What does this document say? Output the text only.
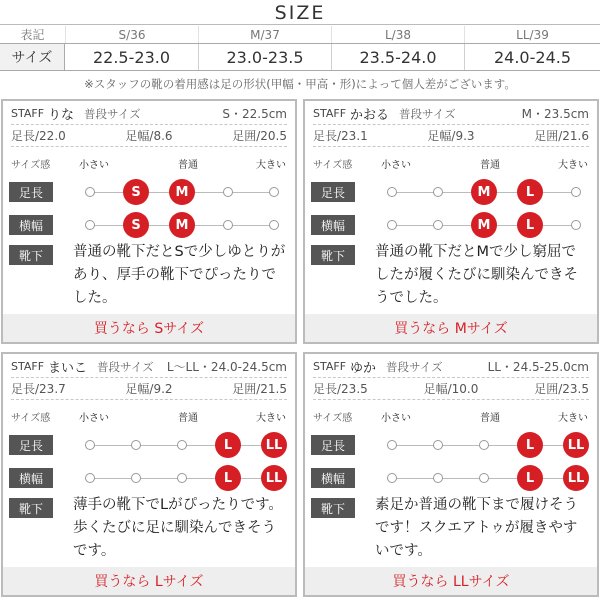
SIZE
表記	S/36	M/37	L/38	LL/39
サイズ	22.5-23.0	23.0-23.5	23.5-24.0	24.0-24.5
※スタッフの靴の着用感は足の形状(甲幅・甲高・形)によって個人差がございます。
STAFF りな 普段サイズ	S・22.5cm
足長/22.0	足幅/8.6	足囲/20.5
サイズ感	小さい	普通	大きい
足長	S	M
横幅	S	M
靴下	普通の靴下だとSで少しゆとりがあり、厚手の靴下でぴったりでした。
買うなら Sサイズ
STAFF かおる 普段サイズ	M・23.5cm
足長/23.1	足幅/9.3	足囲/21.6
サイズ感	小さい	普通	大きい
足長	M	L
横幅	M	L
靴下	普通の靴下だとMで少し窮屈でしたが履くたびに馴染んできそうでした。
買うなら Mサイズ
STAFF まいこ 普段サイズ L〜LL・24.0-24.5cm
足長/23.7	足幅/9.2	足囲/21.5
サイズ感	小さい	普通	大きい
足長	L	LL
横幅	L	LL
靴下	薄手の靴下でLがぴったりです。歩くたびに足に馴染んできそうです。
買うなら Lサイズ
STAFF ゆか 普段サイズ	LL・24.5-25.0cm
足長/23.5	足幅/10.0	足囲/23.5
サイズ感	小さい	普通	大きい
足長	L	LL
横幅	L	LL
靴下	素足か普通の靴下まで履けそうです！スクエアトゥが履きやすいです。
買うなら LLサイズ
